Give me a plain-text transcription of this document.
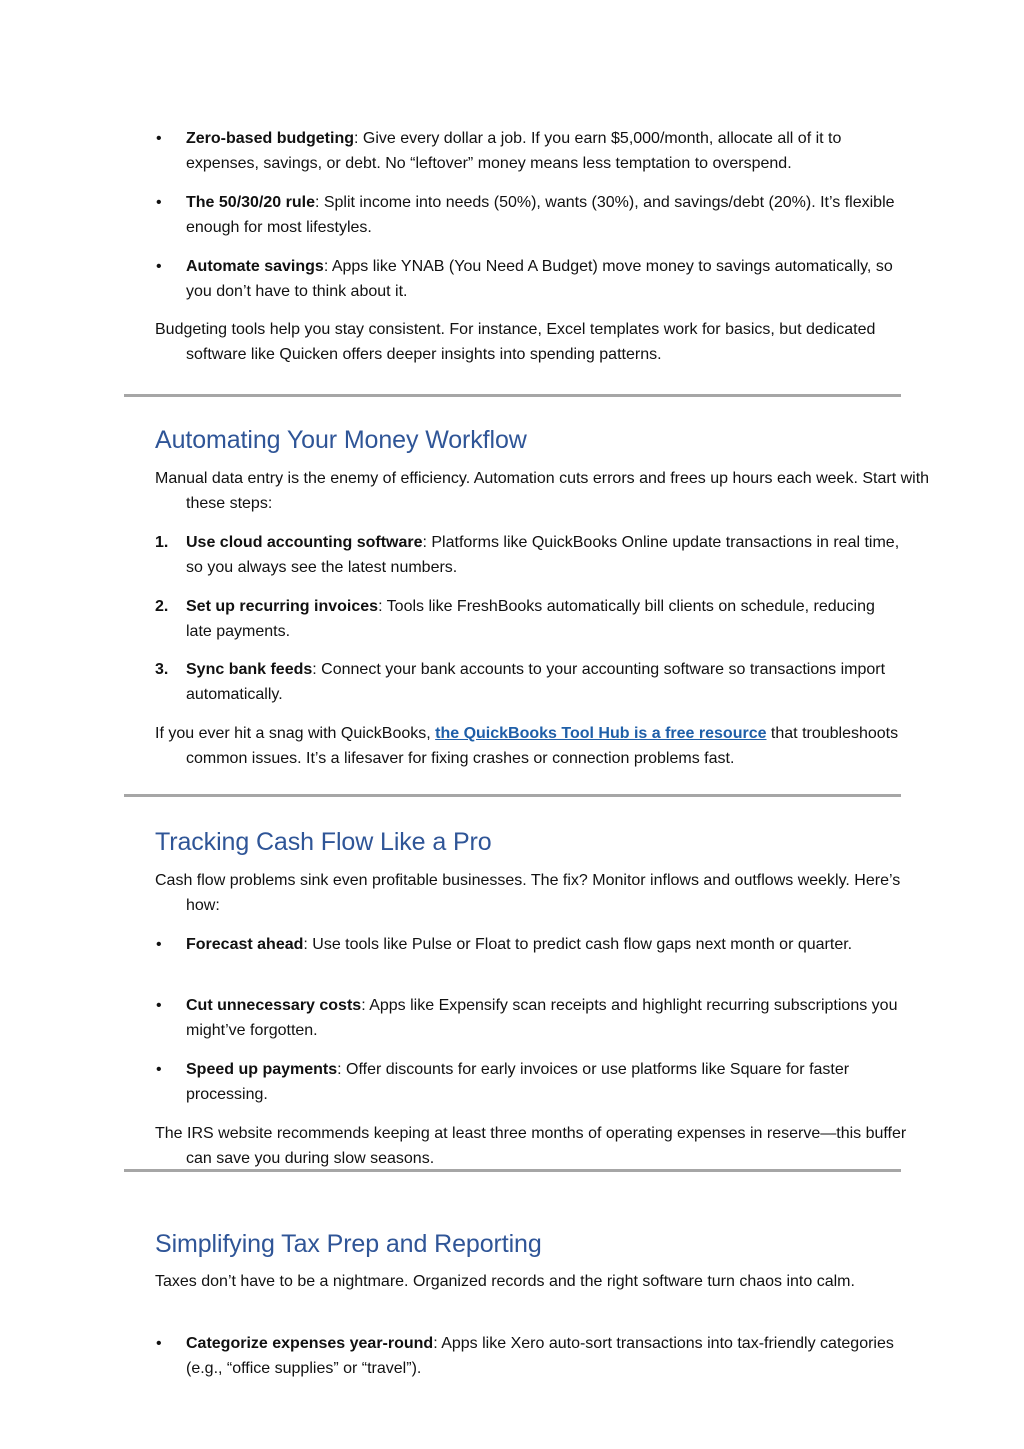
• Zero-based budgeting: Give every dollar a job. If you earn $5,000/month, allocate all of it to expenses, savings, or debt. No “leftover” money means less temptation to overspend.
• The 50/30/20 rule: Split income into needs (50%), wants (30%), and savings/debt (20%). It’s flexible enough for most lifestyles.
• Automate savings: Apps like YNAB (You Need A Budget) move money to savings automatically, so you don’t have to think about it.
Budgeting tools help you stay consistent. For instance, Excel templates work for basics, but dedicated software like Quicken offers deeper insights into spending patterns.
Automating Your Money Workflow
Manual data entry is the enemy of efficiency. Automation cuts errors and frees up hours each week. Start with these steps:
1. Use cloud accounting software: Platforms like QuickBooks Online update transactions in real time, so you always see the latest numbers.
2. Set up recurring invoices: Tools like FreshBooks automatically bill clients on schedule, reducing late payments.
3. Sync bank feeds: Connect your bank accounts to your accounting software so transactions import automatically.
If you ever hit a snag with QuickBooks, the QuickBooks Tool Hub is a free resource that troubleshoots common issues. It’s a lifesaver for fixing crashes or connection problems fast.
Tracking Cash Flow Like a Pro
Cash flow problems sink even profitable businesses. The fix? Monitor inflows and outflows weekly. Here’s how:
• Forecast ahead: Use tools like Pulse or Float to predict cash flow gaps next month or quarter.
• Cut unnecessary costs: Apps like Expensify scan receipts and highlight recurring subscriptions you might’ve forgotten.
• Speed up payments: Offer discounts for early invoices or use platforms like Square for faster processing.
The IRS website recommends keeping at least three months of operating expenses in reserve—this buffer can save you during slow seasons.
Simplifying Tax Prep and Reporting
Taxes don’t have to be a nightmare. Organized records and the right software turn chaos into calm.
• Categorize expenses year-round: Apps like Xero auto-sort transactions into tax-friendly categories (e.g., “office supplies” or “travel”).
